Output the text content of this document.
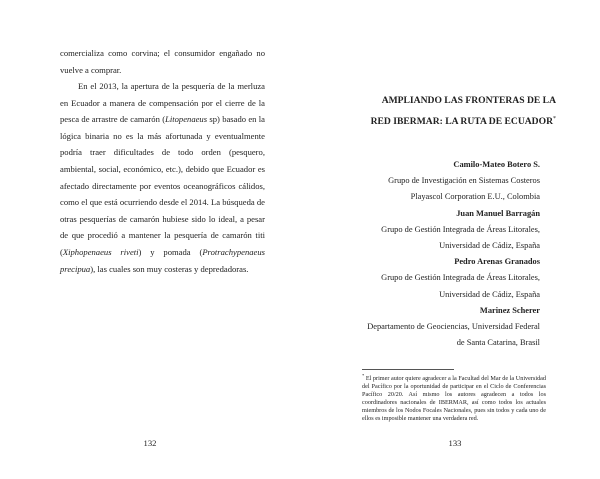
comercializa como corvina; el consumidor engañado no vuelve a comprar.

En el 2013, la apertura de la pesquería de la merluza en Ecuador a manera de compensación por el cierre de la pesca de arrastre de camarón (Litopenaeus sp) basado en la lógica binaria no es la más afortunada y eventualmente podría traer dificultades de todo orden (pesquero, ambiental, social, económico, etc.), debido que Ecuador es afectado directamente por eventos oceanográficos cálidos, como el que está ocurriendo desde el 2014. La búsqueda de otras pesquerías de camarón hubiese sido lo ideal, a pesar de que procedió a mantener la pesquería de camarón titi (Xiphopenaeus riveti) y pomada (Protrachypenaeus precipua), las cuales son muy costeras y depredadoras.

132

AMPLIANDO LAS FRONTERAS DE LA RED IBERMAR: LA RUTA DE ECUADOR*
Camilo-Mateo Botero S.
Grupo de Investigación en Sistemas Costeros
Playascol Corporation E.U., Colombia
Juan Manuel Barragán
Grupo de Gestión Integrada de Áreas Litorales,
Universidad de Cádiz, España
Pedro Arenas Granados
Grupo de Gestión Integrada de Áreas Litorales,
Universidad de Cádiz, España
Marinez Scherer
Departamento de Geociencias, Universidad Federal
de Santa Catarina, Brasil

* El primer autor quiere agradecer a la Facultad del Mar de la Universidad del Pacífico por la oportunidad de participar en el Ciclo de Conferencias Pacífico 20/20. Así mismo los autores agradecen a todos los coordinadores nacionales de IBERMAR, así como todos los actuales miembros de los Nodos Focales Nacionales, pues sin todos y cada uno de ellos es imposible mantener una verdadera red.

133
